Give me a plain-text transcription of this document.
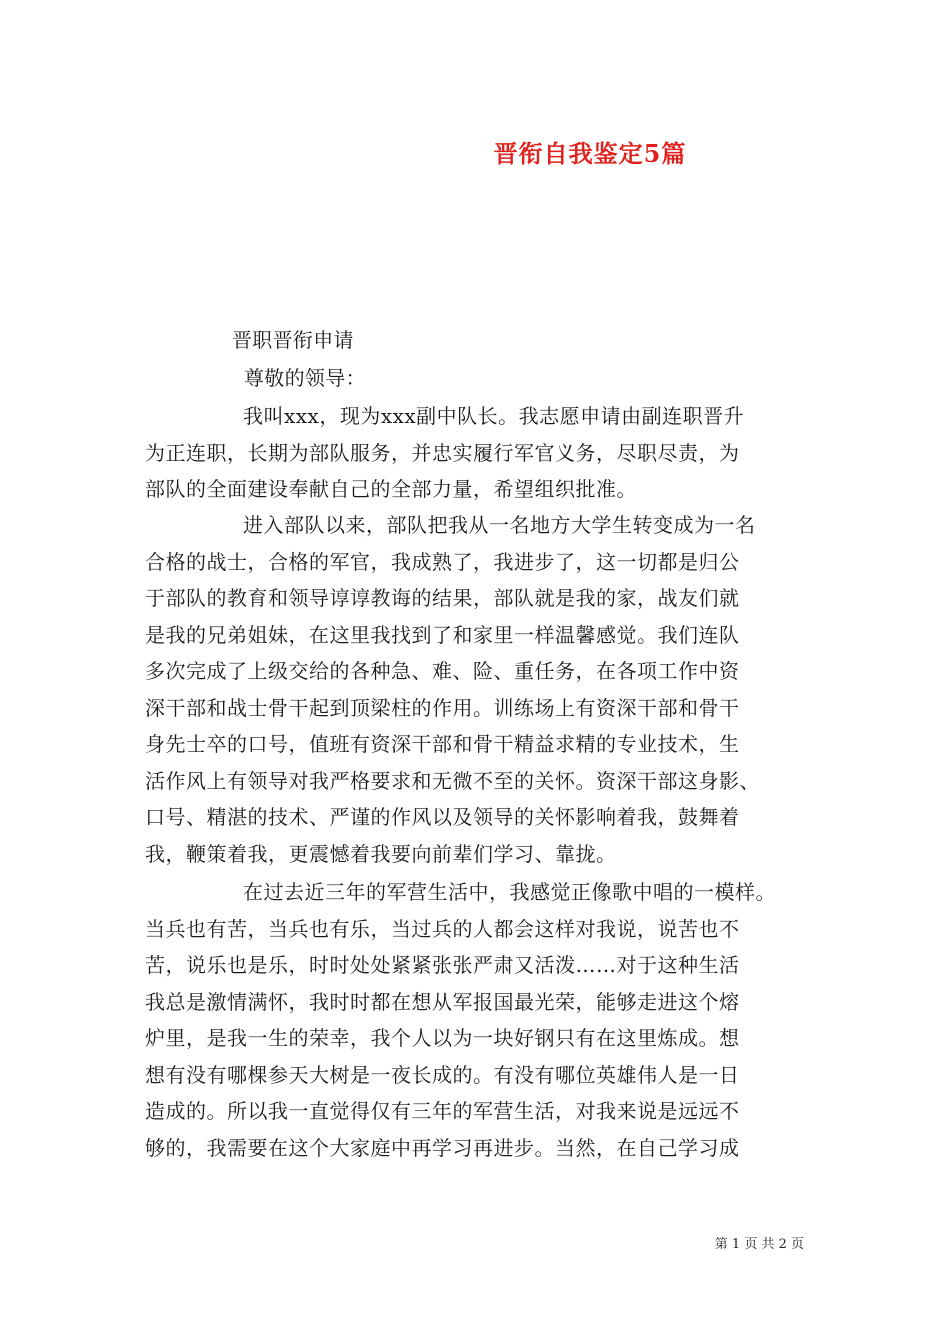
晋衔自我鉴定5篇
晋职晋衔申请
尊敬的领导：
我叫xxx，现为xxx副中队长。我志愿申请由副连职晋升
为正连职，长期为部队服务，并忠实履行军官义务，尽职尽责，为
部队的全面建设奉献自己的全部力量，希望组织批准。
进入部队以来，部队把我从一名地方大学生转变成为一名
合格的战士，合格的军官，我成熟了，我进步了，这一切都是归公
于部队的教育和领导谆谆教诲的结果，部队就是我的家，战友们就
是我的兄弟姐妹，在这里我找到了和家里一样温馨感觉。我们连队
多次完成了上级交给的各种急、难、险、重任务，在各项工作中资
深干部和战士骨干起到顶梁柱的作用。训练场上有资深干部和骨干
身先士卒的口号，值班有资深干部和骨干精益求精的专业技术，生
活作风上有领导对我严格要求和无微不至的关怀。资深干部这身影、
口号、精湛的技术、严谨的作风以及领导的关怀影响着我，鼓舞着
我，鞭策着我，更震憾着我要向前辈们学习、靠拢。
在过去近三年的军营生活中，我感觉正像歌中唱的一模样。
当兵也有苦，当兵也有乐，当过兵的人都会这样对我说，说苦也不
苦，说乐也是乐，时时处处紧紧张张严肃又活泼……对于这种生活
我总是激情满怀，我时时都在想从军报国最光荣，能够走进这个熔
炉里，是我一生的荣幸，我个人以为一块好钢只有在这里炼成。想
想有没有哪棵参天大树是一夜长成的。有没有哪位英雄伟人是一日
造成的。所以我一直觉得仅有三年的军营生活，对我来说是远远不
够的，我需要在这个大家庭中再学习再进步。当然，在自己学习成
第 1 页 共 2 页
